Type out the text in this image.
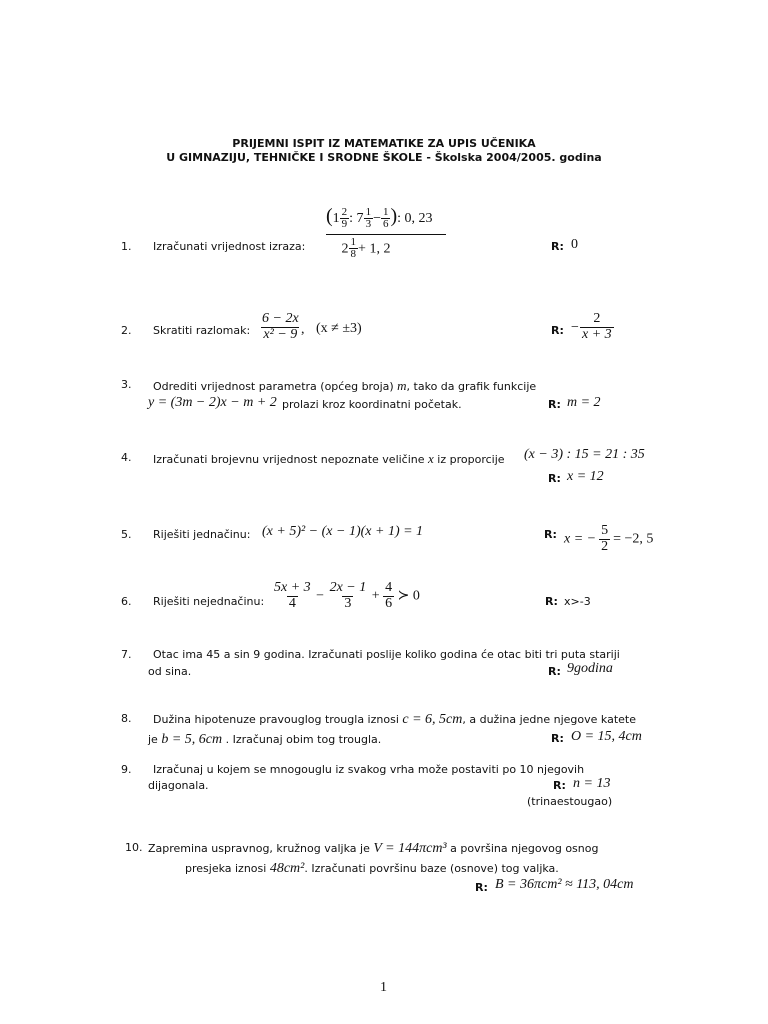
PRIJEMNI ISPIT IZ MATEMATIKE ZA UPIS UČENIKA
U GIMNAZIJU, TEHNIČKE I SRODNE ŠKOLE - Školska 2004/2005. godina
1. Izračunati vrijednost izraza:
($1 \frac{2}{9}$ : $7 \frac{1}{3} - \frac{1}{6}$ ): 0, 23
$2 \frac{1}{8} + 1$, 2	R: 0
2. Skratiti razlomak: $\frac{6 - 2x}{\text{x² − 9}}$ , (x ≠ ±3)	R: − $\frac{2}{x + 3}$
3. Odrediti vrijednost parametra (općeg broja) m, tako da grafik funkcije
y = (3m − 2)x − m + 2 prolazi kroz koordinatni početak.	R: m = 2
4. Izračunati brojevnu vrijednost nepoznate veličine x iz proporcije (x − 3) : 15 = 21 : 35
R: x = 12
5. Riješiti jednačinu: (x + 5)² − (x − 1)(x + 1) = 1	R: x = − $\frac{5}{2} = -2$, 5
6. Riješiti nejednačinu: $\frac{5x + 3}{4} - \frac{2x - 1}{3} + \frac{4}{6}$ ≻ 0	R: x>-3
7. Otac ima 45 a sin 9 godina. Izračunati poslije koliko godina će otac biti tri puta stariji
od sina.	R: 9godina
8. Dužina hipotenuze pravouglog trougla iznosi c = 6, 5cm, a dužina jedne njegove katete
je b = 5, 6cm . Izračunaj obim tog trougla.	R: O = 15, 4cm
9. Izračunaj u kojem se mnogouglu iz svakog vrha može postaviti po 10 njegovih
dijagonala.	R: n = 13
(trinaestougao)
10. Zapremina uspravnog, kružnog valjka je V = 144πcm³ a površina njegovog osnog
presjeka iznosi 48cm². Izračunati površinu baze (osnove) tog valjka.
R: B = 36πcm² ≈ 113, 04cm
1
